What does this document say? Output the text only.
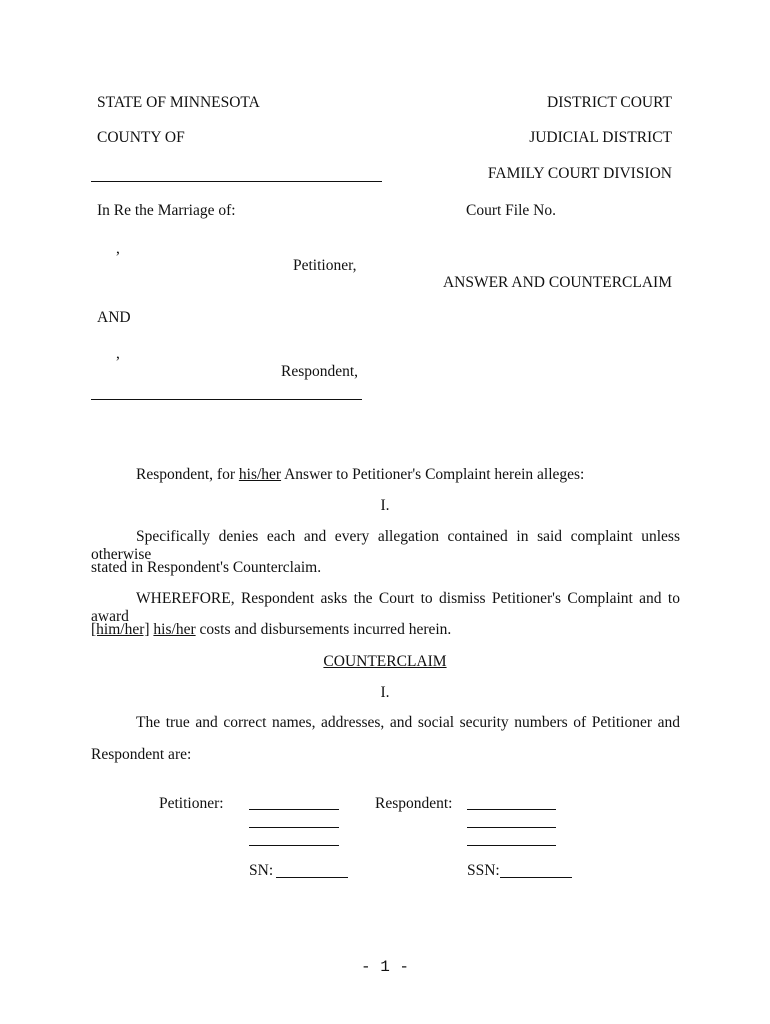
STATE OF MINNESOTA
COUNTY OF
DISTRICT COURT
JUDICIAL DISTRICT
FAMILY COURT DIVISION
In Re the Marriage of:	Court File No.
,
Petitioner,
ANSWER AND COUNTERCLAIM
AND
,
Respondent,
Respondent, for his/her Answer to Petitioner's Complaint herein alleges:
I.
Specifically denies each and every allegation contained in said complaint unless otherwise
stated in Respondent's Counterclaim.
WHEREFORE, Respondent asks the Court to dismiss Petitioner's Complaint and to award
[him/her] his/her costs and disbursements incurred herein.
COUNTERCLAIM
I.
The true and correct names, addresses, and social security numbers of Petitioner and
Respondent are:
Petitioner:	Respondent:
SN:	SSN:
- 1 -
